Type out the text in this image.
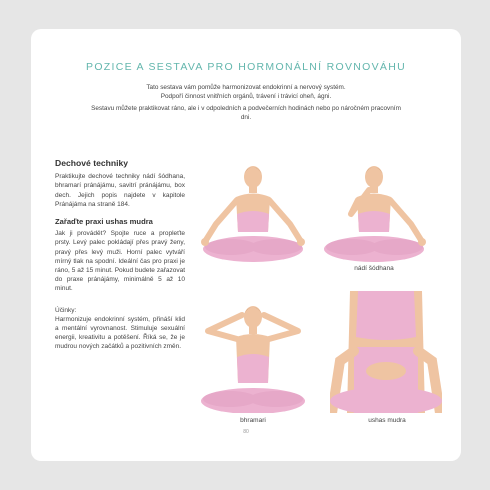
POZICE A SESTAVA PRO HORMONÁLNÍ ROVNOVÁHU

Tato sestava vám pomůže harmonizovat endokrinní a nervový systém.

Podpoří činnost vnitřních orgánů, trávení i trávicí oheň, ágni.

Sestavu můžete praktikovat ráno, ale i v odpoledních a podvečerních hodinách nebo po náročném pracovním dni.

Dechové techniky

Praktikujte dechové techniky nádí šódhana, bhramarí pránájámu, savitrí pránájámu, box dech. Jejich popis najdete v kapitole Pránájáma na straně 184.

Zařaďte praxi ushas mudra

Jak ji provádět? Spojte ruce a propleťte prsty. Levý palec pokládají přes pravý ženy, pravý přes levý muži. Horní palec vytváří mírný tlak na spodní. Ideální čas pro praxi je ráno, 5 až 15 minut. Pokud budete zařazovat do praxe pránájámy, minimálně 5 až 10 minut.

Účinky:

Harmonizuje endokrinní systém, přináší klid a mentální vyrovnanost. Stimuluje sexuální energii, kreativitu a potěšení. Říká se, že je mudrou nových začátků a pozitivních změn.

nádí šódhana
bhramari	ushas mudra
80
